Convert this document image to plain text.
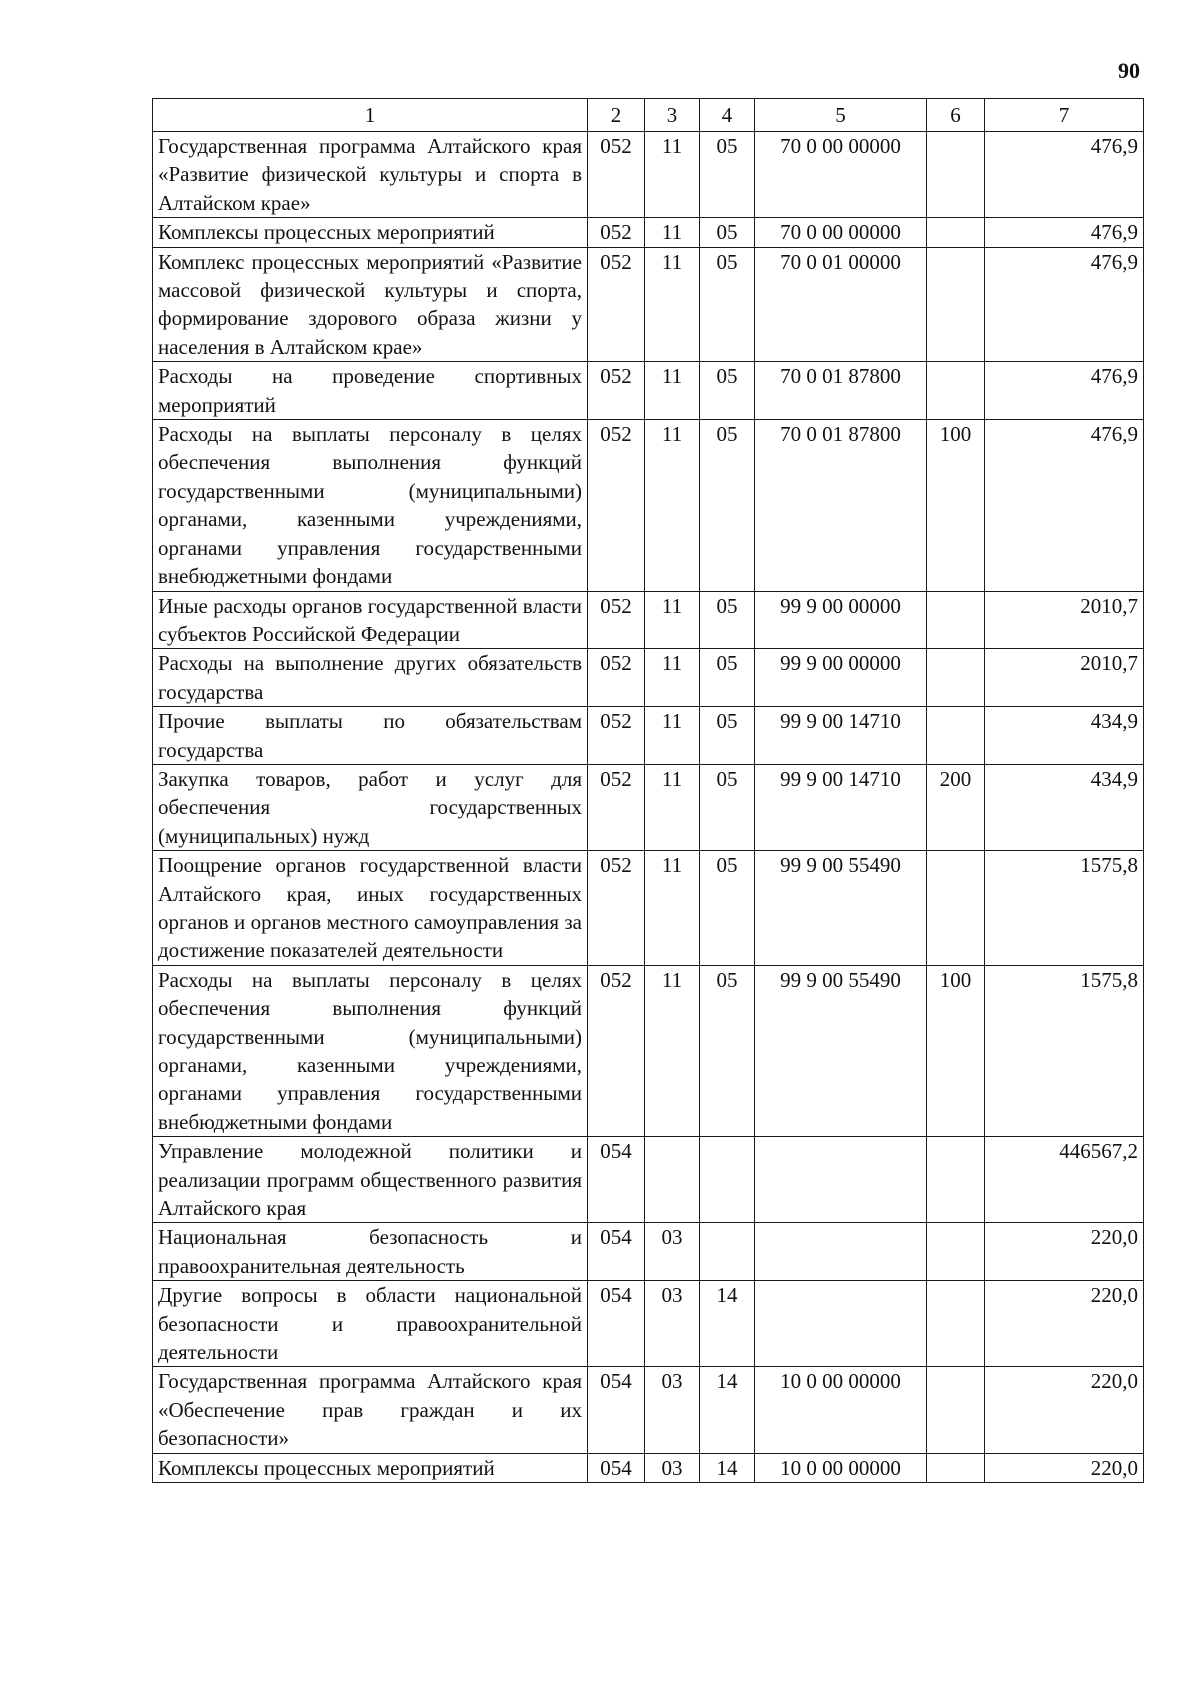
90
1	2	3	4	5	6	7
Государственная программа Алтайского края «Развитие физической культуры и спорта в Алтайском крае»	052	11	05	70 0 00 00000		476,9
Комплексы процессных мероприятий	052	11	05	70 0 00 00000		476,9
Комплекс процессных мероприятий «Развитие массовой физической культуры и спорта, формирование здорового образа жизни у населения в Алтайском крае»	052	11	05	70 0 01 00000		476,9
Расходы на проведение спортивных мероприятий	052	11	05	70 0 01 87800		476,9
Расходы на выплаты персоналу в целях обеспечения выполнения функций государственными (муниципальными) органами, казенными учреждениями, органами управления государственными внебюджетными фондами	052	11	05	70 0 01 87800	100	476,9
Иные расходы органов государственной власти субъектов Российской Федерации	052	11	05	99 9 00 00000		2010,7
Расходы на выполнение других обязательств государства	052	11	05	99 9 00 00000		2010,7
Прочие выплаты по обязательствам государства	052	11	05	99 9 00 14710		434,9
Закупка товаров, работ и услуг для обеспечения государственных (муниципальных) нужд	052	11	05	99 9 00 14710	200	434,9
Поощрение органов государственной власти Алтайского края, иных государственных органов и органов местного самоуправления за достижение показателей деятельности	052	11	05	99 9 00 55490		1575,8
Расходы на выплаты персоналу в целях обеспечения выполнения функций государственными (муниципальными) органами, казенными учреждениями, органами управления государственными внебюджетными фондами	052	11	05	99 9 00 55490	100	1575,8
Управление молодежной политики и реализации программ общественного развития Алтайского края	054					446567,2
Национальная безопасность и правоохранительная деятельность	054	03				220,0
Другие вопросы в области национальной безопасности и правоохранительной деятельности	054	03	14			220,0
Государственная программа Алтайского края «Обеспечение прав граждан и их безопасности»	054	03	14	10 0 00 00000		220,0
Комплексы процессных мероприятий	054	03	14	10 0 00 00000		220,0
